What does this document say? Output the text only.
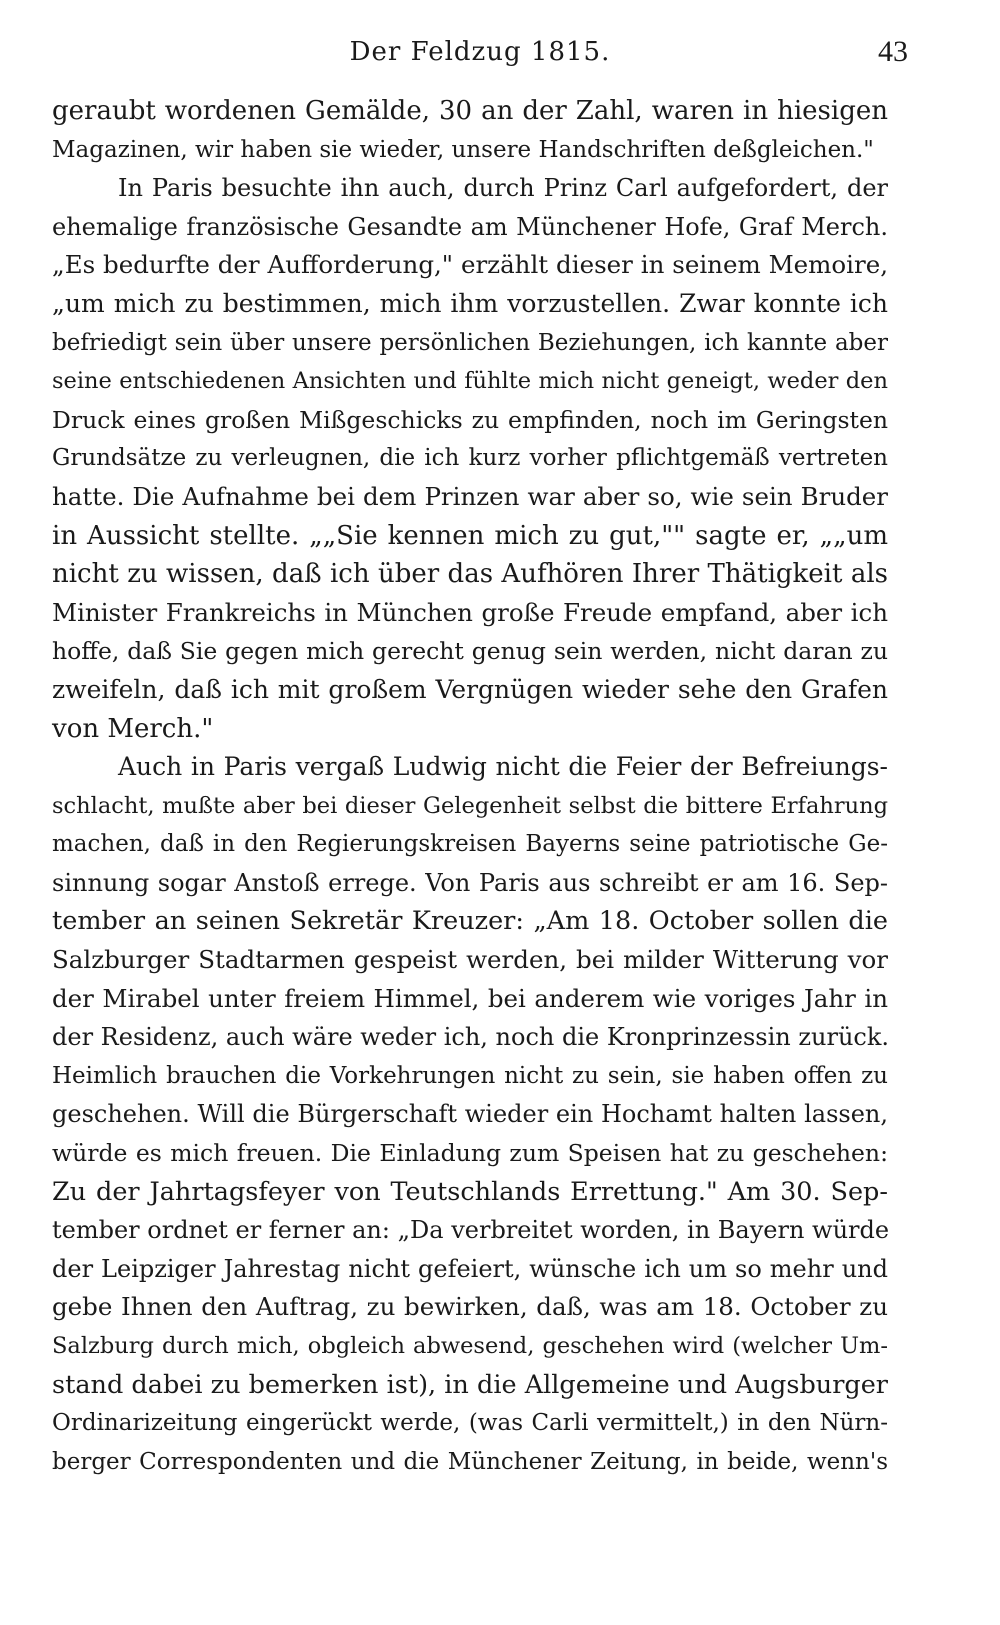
Der Feldzug 1815.	43
geraubt wordenen Gemälde, 30 an der Zahl, waren in hiesigen
Magazinen, wir haben sie wieder, unsere Handschriften deßgleichen."
In Paris besuchte ihn auch, durch Prinz Carl aufgefordert, der
ehemalige französische Gesandte am Münchener Hofe, Graf Merch.
„Es bedurfte der Aufforderung," erzählt dieser in seinem Memoire,
„um mich zu bestimmen, mich ihm vorzustellen. Zwar konnte ich
befriedigt sein über unsere persönlichen Beziehungen, ich kannte aber
seine entschiedenen Ansichten und fühlte mich nicht geneigt, weder den
Druck eines großen Mißgeschicks zu empfinden, noch im Geringsten
Grundsätze zu verleugnen, die ich kurz vorher pflichtgemäß vertreten
hatte. Die Aufnahme bei dem Prinzen war aber so, wie sein Bruder
in Aussicht stellte. „„Sie kennen mich zu gut,"" sagte er, „„um
nicht zu wissen, daß ich über das Aufhören Ihrer Thätigkeit als
Minister Frankreichs in München große Freude empfand, aber ich
hoffe, daß Sie gegen mich gerecht genug sein werden, nicht daran zu
zweifeln, daß ich mit großem Vergnügen wieder sehe den Grafen
von Merch."
Auch in Paris vergaß Ludwig nicht die Feier der Befreiungs-
schlacht, mußte aber bei dieser Gelegenheit selbst die bittere Erfahrung
machen, daß in den Regierungskreisen Bayerns seine patriotische Ge-
sinnung sogar Anstoß errege. Von Paris aus schreibt er am 16. Sep-
tember an seinen Sekretär Kreuzer: „Am 18. October sollen die
Salzburger Stadtarmen gespeist werden, bei milder Witterung vor
der Mirabel unter freiem Himmel, bei anderem wie voriges Jahr in
der Residenz, auch wäre weder ich, noch die Kronprinzessin zurück.
Heimlich brauchen die Vorkehrungen nicht zu sein, sie haben offen zu
geschehen. Will die Bürgerschaft wieder ein Hochamt halten lassen,
würde es mich freuen. Die Einladung zum Speisen hat zu geschehen:
Zu der Jahrtagsfeyer von Teutschlands Errettung." Am 30. Sep-
tember ordnet er ferner an: „Da verbreitet worden, in Bayern würde
der Leipziger Jahrestag nicht gefeiert, wünsche ich um so mehr und
gebe Ihnen den Auftrag, zu bewirken, daß, was am 18. October zu
Salzburg durch mich, obgleich abwesend, geschehen wird (welcher Um-
stand dabei zu bemerken ist), in die Allgemeine und Augsburger
Ordinarizeitung eingerückt werde, (was Carli vermittelt,) in den Nürn-
berger Correspondenten und die Münchener Zeitung, in beide, wenn's
